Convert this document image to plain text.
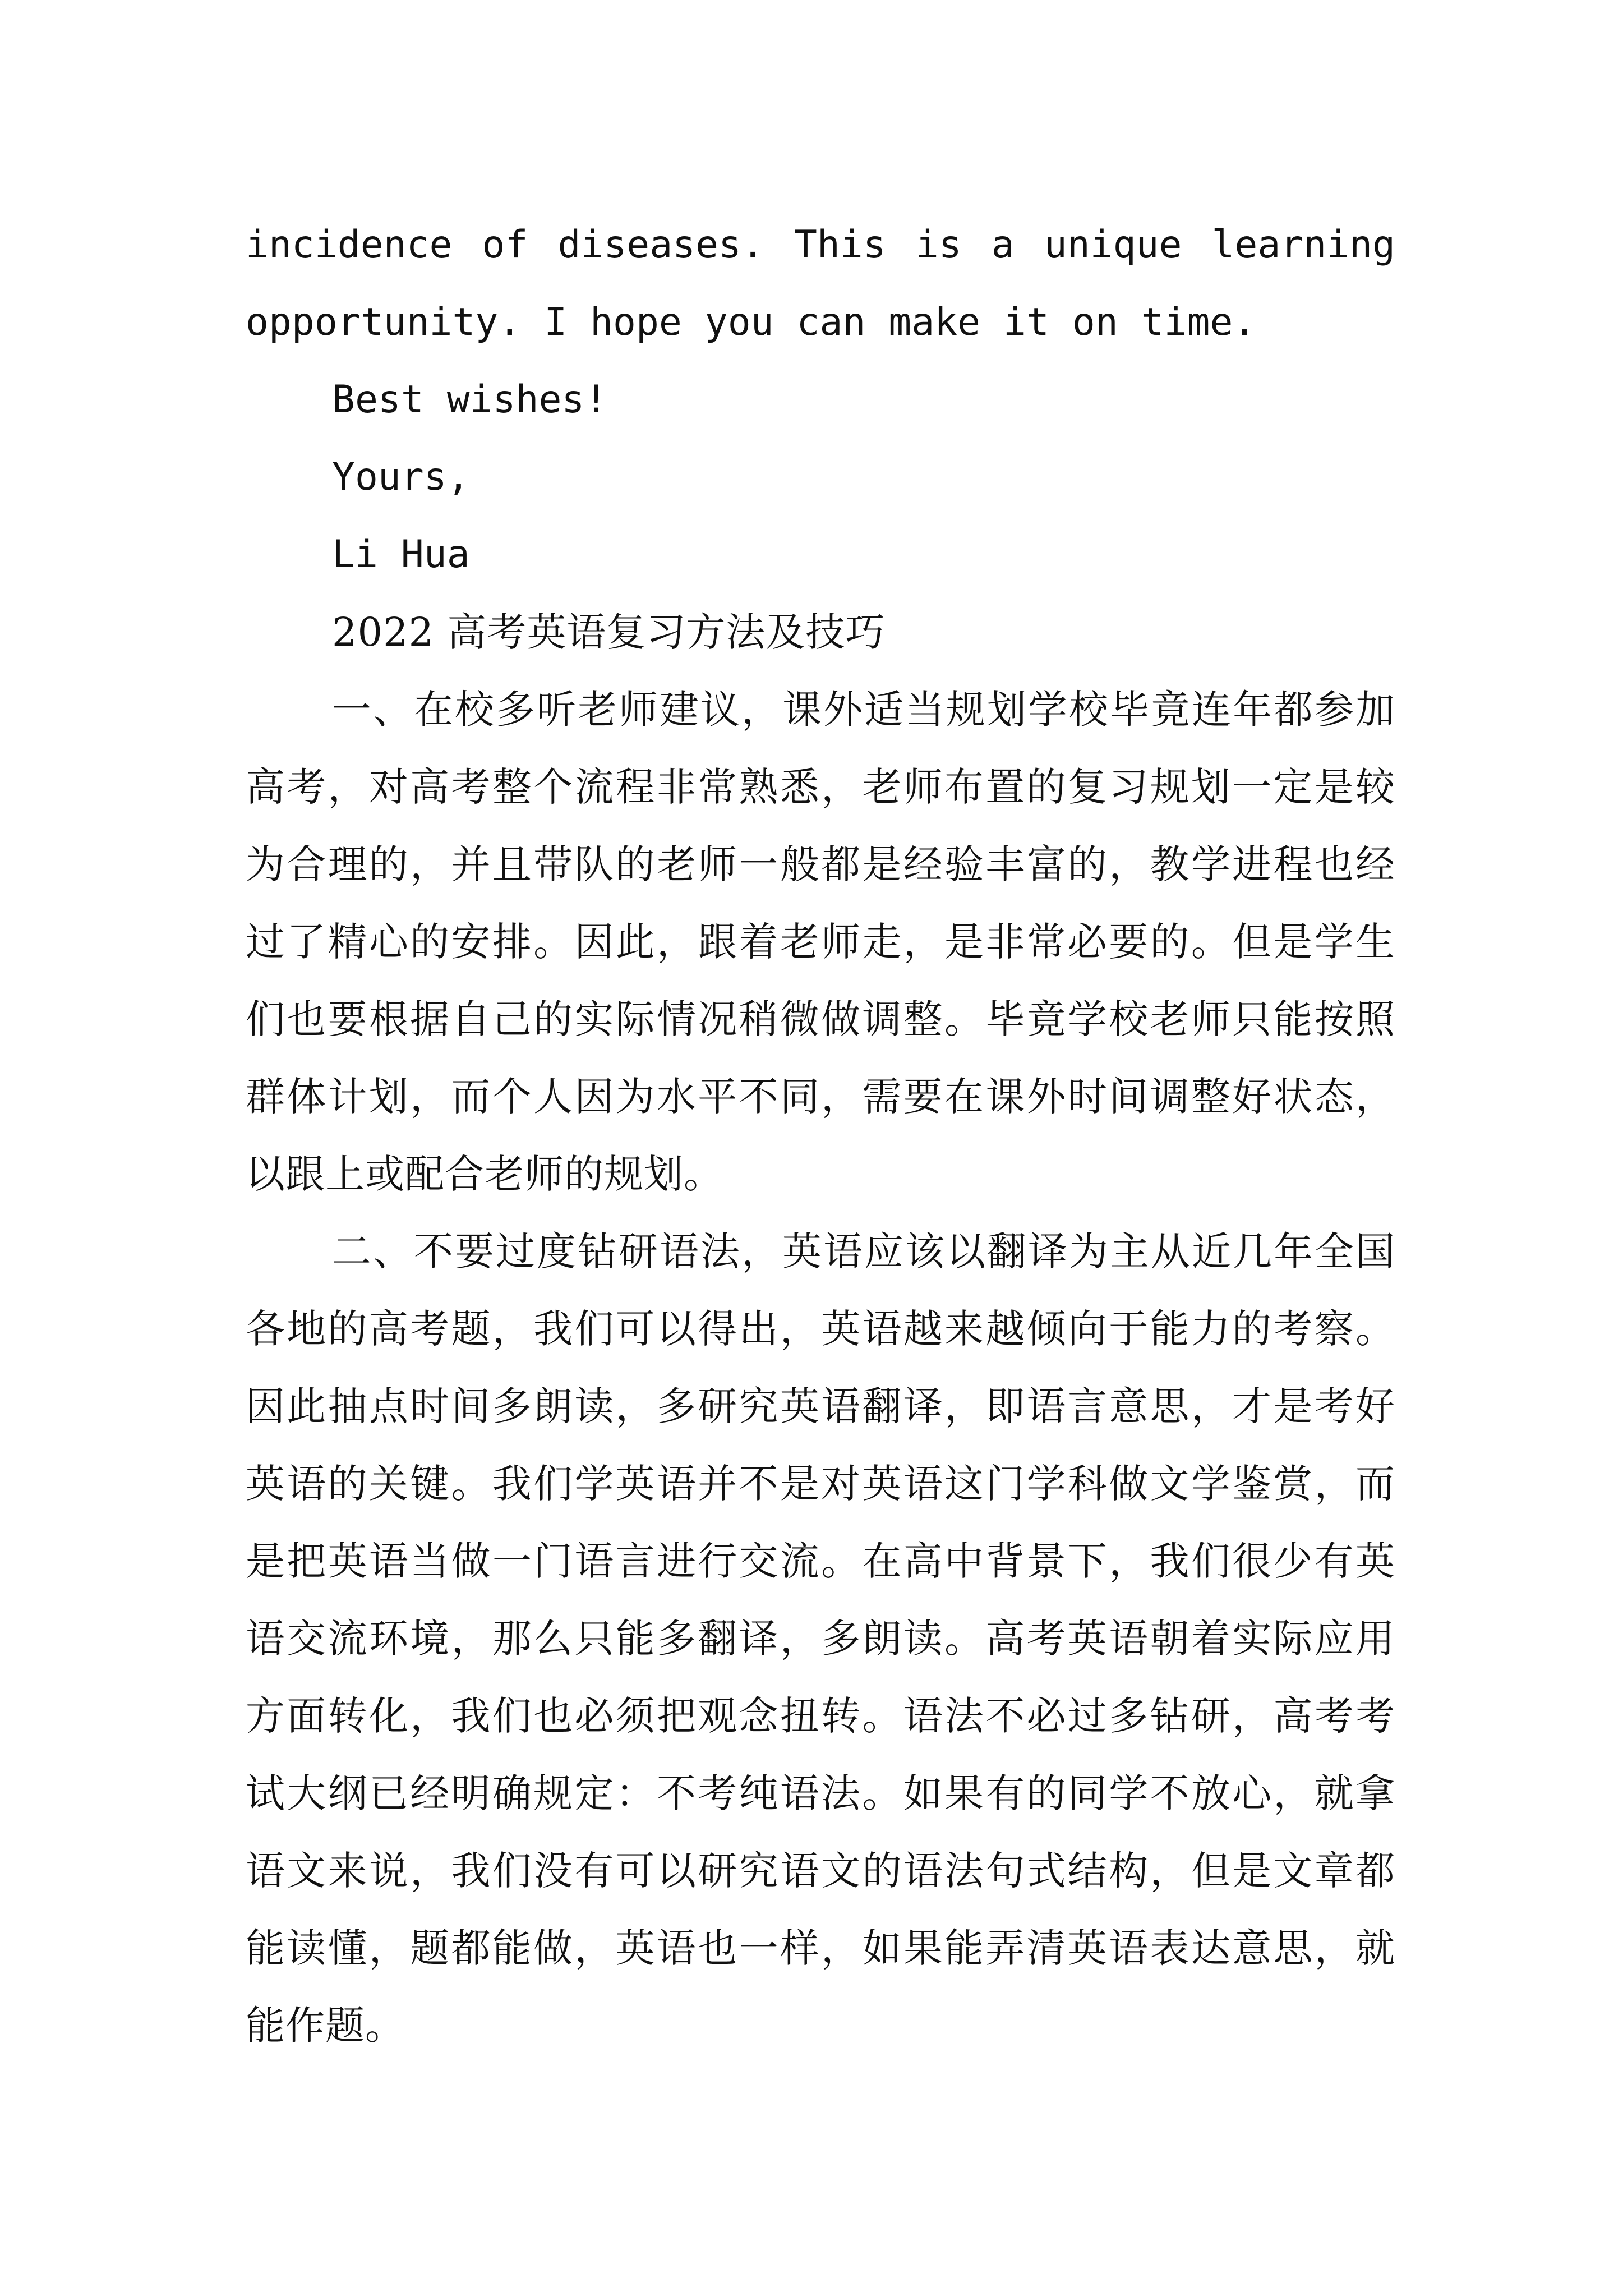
incidence of diseases. This is a unique learning

opportunity. I hope you can make it on time.

Best wishes!

Yours,

Li Hua

2022 高考英语复习方法及技巧

一、在校多听老师建议，课外适当规划学校毕竟连年都参加高考，对高考整个流程非常熟悉，老师布置的复习规划一定是较为合理的，并且带队的老师一般都是经验丰富的，教学进程也经过了精心的安排。因此，跟着老师走，是非常必要的。但是学生们也要根据自己的实际情况稍微做调整。毕竟学校老师只能按照群体计划，而个人因为水平不同，需要在课外时间调整好状态，以跟上或配合老师的规划。

二、不要过度钻研语法，英语应该以翻译为主从近几年全国各地的高考题，我们可以得出，英语越来越倾向于能力的考察。因此抽点时间多朗读，多研究英语翻译，即语言意思，才是考好英语的关键。我们学英语并不是对英语这门学科做文学鉴赏，而是把英语当做一门语言进行交流。在高中背景下，我们很少有英语交流环境，那么只能多翻译，多朗读。高考英语朝着实际应用方面转化，我们也必须把观念扭转。语法不必过多钻研，高考考试大纲已经明确规定：不考纯语法。如果有的同学不放心，就拿语文来说，我们没有可以研究语文的语法句式结构，但是文章都能读懂，题都能做，英语也一样，如果能弄清英语表达意思，就能作题。
